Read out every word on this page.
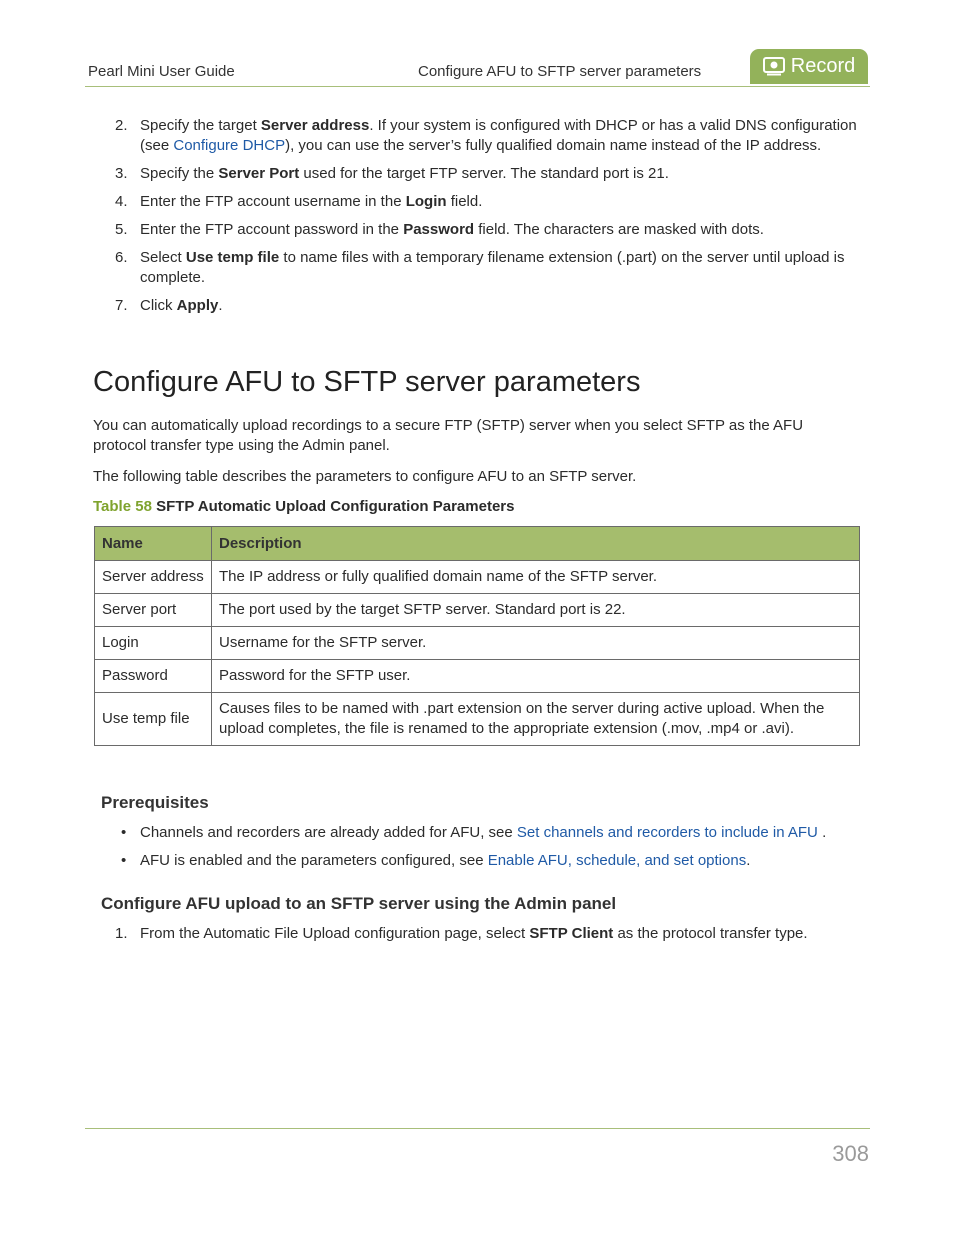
Pearl Mini User Guide	Configure AFU to SFTP server parameters	Record
2. Specify the target Server address. If your system is configured with DHCP or has a valid DNS configuration (see Configure DHCP), you can use the server’s fully qualified domain name instead of the IP address.
3. Specify the Server Port used for the target FTP server. The standard port is 21.
4. Enter the FTP account username in the Login field.
5. Enter the FTP account password in the Password field. The characters are masked with dots.
6. Select Use temp file to name files with a temporary filename extension (.part) on the server until upload is complete.
7. Click Apply.
Configure AFU to SFTP server parameters

You can automatically upload recordings to a secure FTP (SFTP) server when you select SFTP as the AFU protocol transfer type using the Admin panel.

The following table describes the parameters to configure AFU to an SFTP server.

Table 58 SFTP Automatic Upload Configuration Parameters
Name	Description
Server address	The IP address or fully qualified domain name of the SFTP server.
Server port	The port used by the target SFTP server. Standard port is 22.
Login	Username for the SFTP server.
Password	Password for the SFTP user.
Use temp file	Causes files to be named with .part extension on the server during active upload. When the upload completes, the file is renamed to the appropriate extension (.mov, .mp4 or .avi).
Prerequisites
• Channels and recorders are already added for AFU, see Set channels and recorders to include in AFU .
• AFU is enabled and the parameters configured, see Enable AFU, schedule, and set options.
Configure AFU upload to an SFTP server using the Admin panel
1. From the Automatic File Upload configuration page, select SFTP Client as the protocol transfer type.
308
